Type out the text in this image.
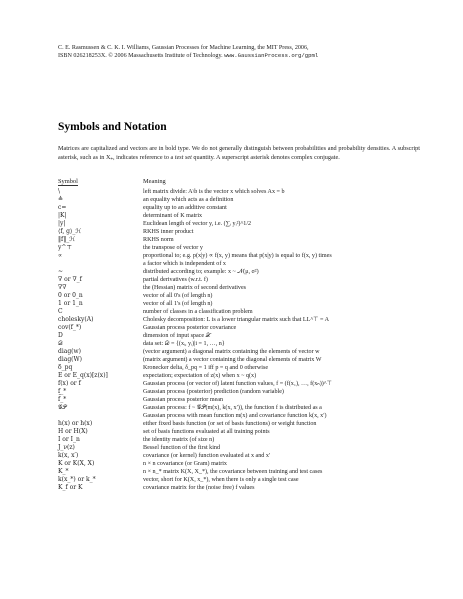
C. E. Rasmussen & C. K. I. Williams, Gaussian Processes for Machine Learning, the MIT Press, 2006,
ISBN 026218253X. © 2006 Massachusetts Institute of Technology. www.GaussianProcess.org/gpml
Symbols and Notation
Matrices are capitalized and vectors are in bold type. We do not generally distinguish between probabilities and probability densities. A subscript asterisk, such as in $X_*$, indicates reference to a test set quantity. A superscript asterisk denotes complex conjugate.
Symbol	Meaning
\	left matrix divide: A\b is the vector x which solves Ax = b
≜	an equality which acts as a definition
c=	equality up to an additive constant
|K|	determinant of K matrix
|y|	Euclidean length of vector y, i.e. (∑ᵢ yᵢ²)^1/2
⟨f, g⟩_ℋ	RKHS inner product
‖f‖_ℋ	RKHS norm
y^⊤	the transpose of vector y
∝	proportional to; e.g. p(x|y) ∝ f(x, y) means that p(x|y) is equal to f(x, y) times
a factor which is independent of x
~	distributed according to; example: x ~ 𝒩(μ, σ²)
∇ or ∇_f	partial derivatives (w.r.t. f)
∇∇	the (Hessian) matrix of second derivatives
0 or 0_n	vector of all 0's (of length n)
1 or 1_n	vector of all 1's (of length n)
C	number of classes in a classification problem
cholesky(A)	Cholesky decomposition: L is a lower triangular matrix such that LL^⊤ = A
cov(f_*)	Gaussian process posterior covariance
D	dimension of input space 𝒳
𝒟	data set: 𝒟 = {(xᵢ, yᵢ)|i = 1, …, n}
diag(w)	(vector argument) a diagonal matrix containing the elements of vector w
diag(W)	(matrix argument) a vector containing the diagonal elements of matrix W
δ_pq	Kronecker delta, δ_pq = 1 iff p = q and 0 otherwise
E or E_q(x)[z(x)]	expectation; expectation of z(x) when x ~ q(x)
f(x) or f	Gaussian process (or vector of) latent function values, f = (f(x₁), …, f(xₙ))^⊤
f_*	Gaussian process (posterior) prediction (random variable)
f̄_*	Gaussian process posterior mean
𝒢𝒫	Gaussian process: f ~ 𝒢𝒫(m(x), k(x, x′)), the function f is distributed as a
Gaussian process with mean function m(x) and covariance function k(x, x′)
h(x) or h(x)	either fixed basis function (or set of basis functions) or weight function
H or H(X)	set of basis functions evaluated at all training points
I or I_n	the identity matrix (of size n)
J_ν(z)	Bessel function of the first kind
k(x, x′)	covariance (or kernel) function evaluated at x and x′
K or K(X, X)	n × n covariance (or Gram) matrix
K_*	n × n_* matrix K(X, X_*), the covariance between training and test cases
k(x_*) or k_*	vector, short for K(X, x_*), when there is only a single test case
K_f or K	covariance matrix for the (noise free) f values
